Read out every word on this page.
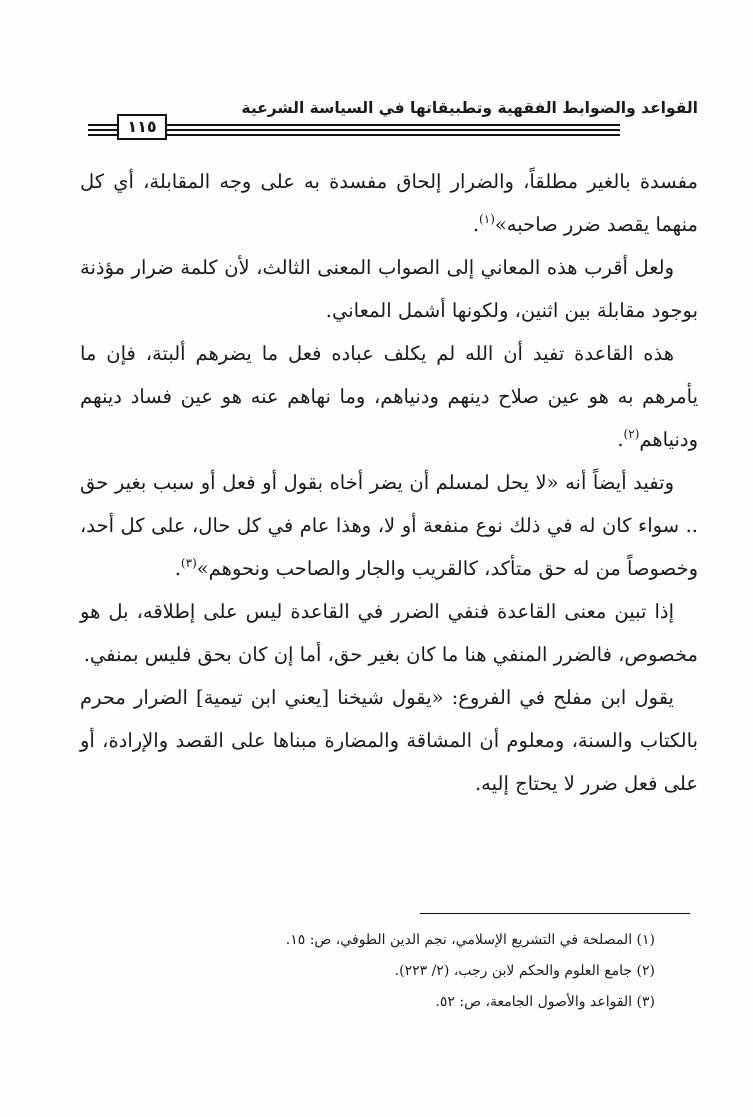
القواعد والضوابط الفقهية وتطبيقاتها في السياسة الشرعية
١١٥

مفسدة بالغير مطلقاً، والضرار إلحاق مفسدة به على وجه المقابلة، أي كل منهما يقصد ضرر صاحبه»$^{(١)}$.

ولعل أقرب هذه المعاني إلى الصواب المعنى الثالث، لأن كلمة ضرار مؤذنة بوجود مقابلة بين اثنين، ولكونها أشمل المعاني.

هذه القاعدة تفيد أن الله لم يكلف عباده فعل ما يضرهم ألبتة، فإن ما يأمرهم به هو عين صلاح دينهم ودنياهم، وما نهاهم عنه هو عين فساد دينهم ودنياهم$^{(٢)}$.

وتفيد أيضاً أنه «لا يحل لمسلم أن يضر أخاه بقول أو فعل أو سبب بغير حق .. سواء كان له في ذلك نوع منفعة أو لا، وهذا عام في كل حال، على كل أحد، وخصوصاً من له حق متأكد، كالقريب والجار والصاحب ونحوهم»$^{(٣)}$.

إذا تبين معنى القاعدة فنفي الضرر في القاعدة ليس على إطلاقه، بل هو مخصوص، فالضرر المنفي هنا ما كان بغير حق، أما إن كان بحق فليس بمنفي.

يقول ابن مفلح في الفروع: «يقول شيخنا [يعني ابن تيمية] الضرار محرم بالكتاب والسنة، ومعلوم أن المشاقة والمضارة مبناها على القصد والإرادة، أو على فعل ضرر لا يحتاج إليه.

(١) المصلحة في التشريع الإسلامي، نجم الدين الطوفي، ص: ١٥.

(٢) جامع العلوم والحكم لابن رجب، (٢/ ٢٢٣).

(٣) القواعد والأصول الجامعة، ص: ٥٢.
